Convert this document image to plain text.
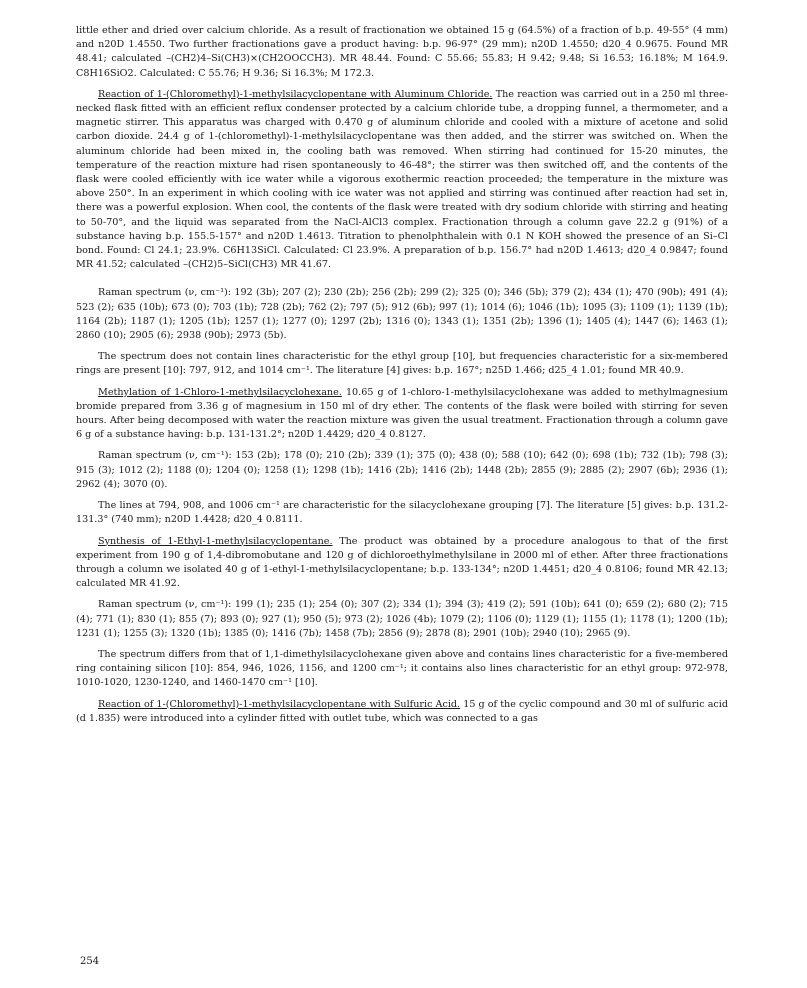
little ether and dried over calcium chloride. As a result of fractionation we obtained 15 g (64.5%) of a fraction of b.p. 49-55° (4 mm) and n20D 1.4550. Two further fractionations gave a product having: b.p. 96-97° (29 mm); n20D 1.4550; d20_4 0.9675. Found MR 48.41; calculated –(CH2)4–Si(CH3)×(CH2OOCCH3). MR 48.44. Found: C 55.66; 55.83; H 9.42; 9.48; Si 16.53; 16.18%; M 164.9. C8H16SiO2. Calculated: C 55.76; H 9.36; Si 16.3%; M 172.3.

Reaction of 1-(Chloromethyl)-1-methylsilacyclopentane with Aluminum Chloride. The reaction was carried out in a 250 ml three-necked flask fitted with an efficient reflux condenser protected by a calcium chloride tube, a dropping funnel, a thermometer, and a magnetic stirrer. This apparatus was charged with 0.470 g of aluminum chloride and cooled with a mixture of acetone and solid carbon dioxide. 24.4 g of 1-(chloromethyl)-1-methylsilacyclopentane was then added, and the stirrer was switched on. When the aluminum chloride had been mixed in, the cooling bath was removed. When stirring had continued for 15-20 minutes, the temperature of the reaction mixture had risen spontaneously to 46-48°; the stirrer was then switched off, and the contents of the flask were cooled efficiently with ice water while a vigorous exothermic reaction proceeded; the temperature in the mixture was above 250°. In an experiment in which cooling with ice water was not applied and stirring was continued after reaction had set in, there was a powerful explosion. When cool, the contents of the flask were treated with dry sodium chloride with stirring and heating to 50-70°, and the liquid was separated from the NaCl-AlCl3 complex. Fractionation through a column gave 22.2 g (91%) of a substance having b.p. 155.5-157° and n20D 1.4613. Titration to phenolphthalein with 0.1 N KOH showed the presence of an Si–Cl bond. Found: Cl 24.1; 23.9%. C6H13SiCl. Calculated: Cl 23.9%. A preparation of b.p. 156.7° had n20D 1.4613; d20_4 0.9847; found MR 41.52; calculated –(CH2)5–SiCl(CH3) MR 41.67.

Raman spectrum (ν, cm⁻¹): 192 (3b); 207 (2); 230 (2b); 256 (2b); 299 (2); 325 (0); 346 (5b); 379 (2); 434 (1); 470 (90b); 491 (4); 523 (2); 635 (10b); 673 (0); 703 (1b); 728 (2b); 762 (2); 797 (5); 912 (6b); 997 (1); 1014 (6); 1046 (1b); 1095 (3); 1109 (1); 1139 (1b); 1164 (2b); 1187 (1); 1205 (1b); 1257 (1); 1277 (0); 1297 (2b); 1316 (0); 1343 (1); 1351 (2b); 1396 (1); 1405 (4); 1447 (6); 1463 (1); 2860 (10); 2905 (6); 2938 (90b); 2973 (5b).

The spectrum does not contain lines characteristic for the ethyl group [10], but frequencies characteristic for a six-membered rings are present [10]: 797, 912, and 1014 cm⁻¹. The literature [4] gives: b.p. 167°; n25D 1.466; d25_4 1.01; found MR 40.9.

Methylation of 1-Chloro-1-methylsilacyclohexane. 10.65 g of 1-chloro-1-methylsilacyclohexane was added to methylmagnesium bromide prepared from 3.36 g of magnesium in 150 ml of dry ether. The contents of the flask were boiled with stirring for seven hours. After being decomposed with water the reaction mixture was given the usual treatment. Fractionation through a column gave 6 g of a substance having: b.p. 131-131.2°; n20D 1.4429; d20_4 0.8127.

Raman spectrum (ν, cm⁻¹): 153 (2b); 178 (0); 210 (2b); 339 (1); 375 (0); 438 (0); 588 (10); 642 (0); 698 (1b); 732 (1b); 798 (3); 915 (3); 1012 (2); 1188 (0); 1204 (0); 1258 (1); 1298 (1b); 1416 (2b); 1416 (2b); 1448 (2b); 2855 (9); 2885 (2); 2907 (6b); 2936 (1); 2962 (4); 3070 (0).

The lines at 794, 908, and 1006 cm⁻¹ are characteristic for the silacyclohexane grouping [7]. The literature [5] gives: b.p. 131.2-131.3° (740 mm); n20D 1.4428; d20_4 0.8111.

Synthesis of 1-Ethyl-1-methylsilacyclopentane. The product was obtained by a procedure analogous to that of the first experiment from 190 g of 1,4-dibromobutane and 120 g of dichloroethylmethylsilane in 2000 ml of ether. After three fractionations through a column we isolated 40 g of 1-ethyl-1-methylsilacyclopentane; b.p. 133-134°; n20D 1.4451; d20_4 0.8106; found MR 42.13; calculated MR 41.92.

Raman spectrum (ν, cm⁻¹): 199 (1); 235 (1); 254 (0); 307 (2); 334 (1); 394 (3); 419 (2); 591 (10b); 641 (0); 659 (2); 680 (2); 715 (4); 771 (1); 830 (1); 855 (7); 893 (0); 927 (1); 950 (5); 973 (2); 1026 (4b); 1079 (2); 1106 (0); 1129 (1); 1155 (1); 1178 (1); 1200 (1b); 1231 (1); 1255 (3); 1320 (1b); 1385 (0); 1416 (7b); 1458 (7b); 2856 (9); 2878 (8); 2901 (10b); 2940 (10); 2965 (9).

The spectrum differs from that of 1,1-dimethylsilacyclohexane given above and contains lines characteristic for a five-membered ring containing silicon [10]: 854, 946, 1026, 1156, and 1200 cm⁻¹; it contains also lines characteristic for an ethyl group: 972-978, 1010-1020, 1230-1240, and 1460-1470 cm⁻¹ [10].

Reaction of 1-(Chloromethyl)-1-methylsilacyclopentane with Sulfuric Acid. 15 g of the cyclic compound and 30 ml of sulfuric acid (d 1.835) were introduced into a cylinder fitted with outlet tube, which was connected to a gas

254
